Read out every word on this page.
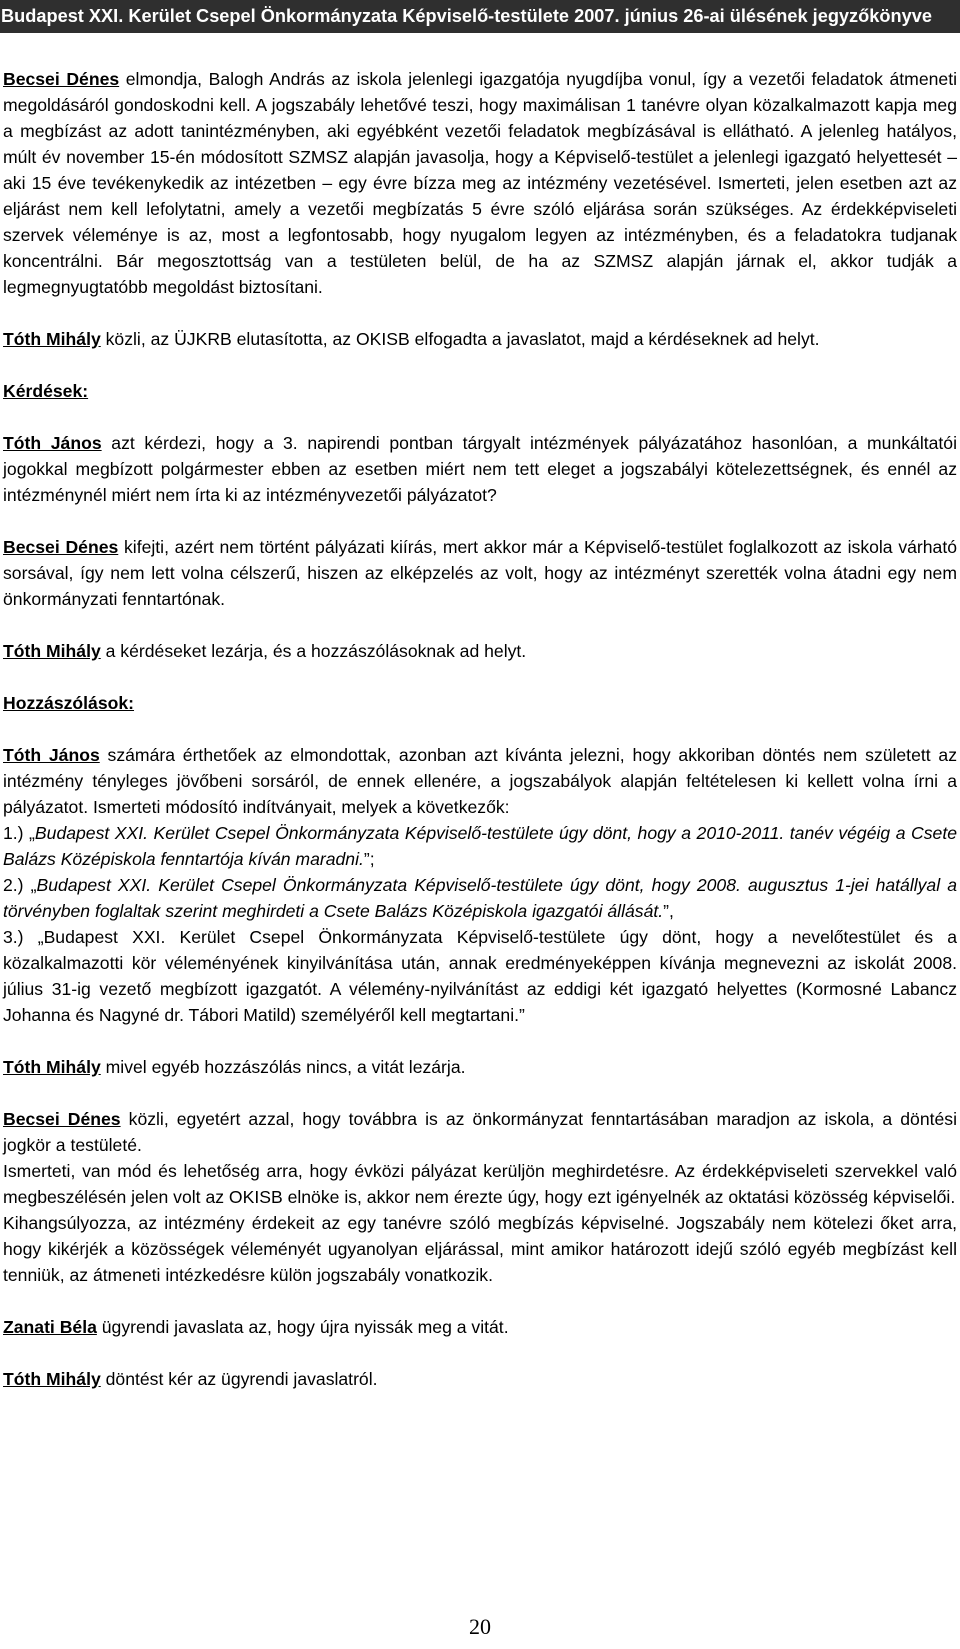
Budapest XXI. Kerület Csepel Önkormányzata Képviselő-testülete 2007. június 26-ai ülésének jegyzőkönyve

Becsei Dénes elmondja, Balogh András az iskola jelenlegi igazgatója nyugdíjba vonul, így a vezetői feladatok átmeneti megoldásáról gondoskodni kell. A jogszabály lehetővé teszi, hogy maximálisan 1 tanévre olyan közalkalmazott kapja meg a megbízást az adott tanintézményben, aki egyébként vezetői feladatok megbízásával is ellátható. A jelenleg hatályos, múlt év november 15-én módosított SZMSZ alapján javasolja, hogy a Képviselő-testület a jelenlegi igazgató helyettesét – aki 15 éve tevékenykedik az intézetben – egy évre bízza meg az intézmény vezetésével. Ismerteti, jelen esetben azt az eljárást nem kell lefolytatni, amely a vezetői megbízatás 5 évre szóló eljárása során szükséges. Az érdekképviseleti szervek véleménye is az, most a legfontosabb, hogy nyugalom legyen az intézményben, és a feladatokra tudjanak koncentrálni. Bár megosztottság van a testületen belül, de ha az SZMSZ alapján járnak el, akkor tudják a legmegnyugtatóbb megoldást biztosítani.

Tóth Mihály közli, az ÜJKRB elutasította, az OKISB elfogadta a javaslatot, majd a kérdéseknek ad helyt.

Kérdések:

Tóth János azt kérdezi, hogy a 3. napirendi pontban tárgyalt intézmények pályázatához hasonlóan, a munkáltatói jogokkal megbízott polgármester ebben az esetben miért nem tett eleget a jogszabályi kötelezettségnek, és ennél az intézménynél miért nem írta ki az intézményvezetői pályázatot?

Becsei Dénes kifejti, azért nem történt pályázati kiírás, mert akkor már a Képviselő-testület foglalkozott az iskola várható sorsával, így nem lett volna célszerű, hiszen az elképzelés az volt, hogy az intézményt szerették volna átadni egy nem önkormányzati fenntartónak.

Tóth Mihály a kérdéseket lezárja, és a hozzászólásoknak ad helyt.

Hozzászólások:

Tóth János számára érthetőek az elmondottak, azonban azt kívánta jelezni, hogy akkoriban döntés nem született az intézmény tényleges jövőbeni sorsáról, de ennek ellenére, a jogszabályok alapján feltételesen ki kellett volna írni a pályázatot. Ismerteti módosító indítványait, melyek a következők:

1.) „Budapest XXI. Kerület Csepel Önkormányzata Képviselő-testülete úgy dönt, hogy a 2010-2011. tanév végéig a Csete Balázs Középiskola fenntartója kíván maradni.”;

2.) „Budapest XXI. Kerület Csepel Önkormányzata Képviselő-testülete úgy dönt, hogy 2008. augusztus 1-jei hatállyal a törvényben foglaltak szerint meghirdeti a Csete Balázs Középiskola igazgatói állását.”,

3.) „Budapest XXI. Kerület Csepel Önkormányzata Képviselő-testülete úgy dönt, hogy a nevelőtestület és a közalkalmazotti kör véleményének kinyilvánítása után, annak eredményeképpen kívánja megnevezni az iskolát 2008. július 31-ig vezető megbízott igazgatót. A vélemény-nyilvánítást az eddigi két igazgató helyettes (Kormosné Labancz Johanna és Nagyné dr. Tábori Matild) személyéről kell megtartani.”

Tóth Mihály mivel egyéb hozzászólás nincs, a vitát lezárja.

Becsei Dénes közli, egyetért azzal, hogy továbbra is az önkormányzat fenntartásában maradjon az iskola, a döntési jogkör a testületé.

Ismerteti, van mód és lehetőség arra, hogy évközi pályázat kerüljön meghirdetésre. Az érdekképviseleti szervekkel való megbeszélésén jelen volt az OKISB elnöke is, akkor nem érezte úgy, hogy ezt igényelnék az oktatási közösség képviselői.

Kihangsúlyozza, az intézmény érdekeit az egy tanévre szóló megbízás képviselné. Jogszabály nem kötelezi őket arra, hogy kikérjék a közösségek véleményét ugyanolyan eljárással, mint amikor határozott idejű szóló egyéb megbízást kell tenniük, az átmeneti intézkedésre külön jogszabály vonatkozik.

Zanati Béla ügyrendi javaslata az, hogy újra nyissák meg a vitát.

Tóth Mihály döntést kér az ügyrendi javaslatról.

20
